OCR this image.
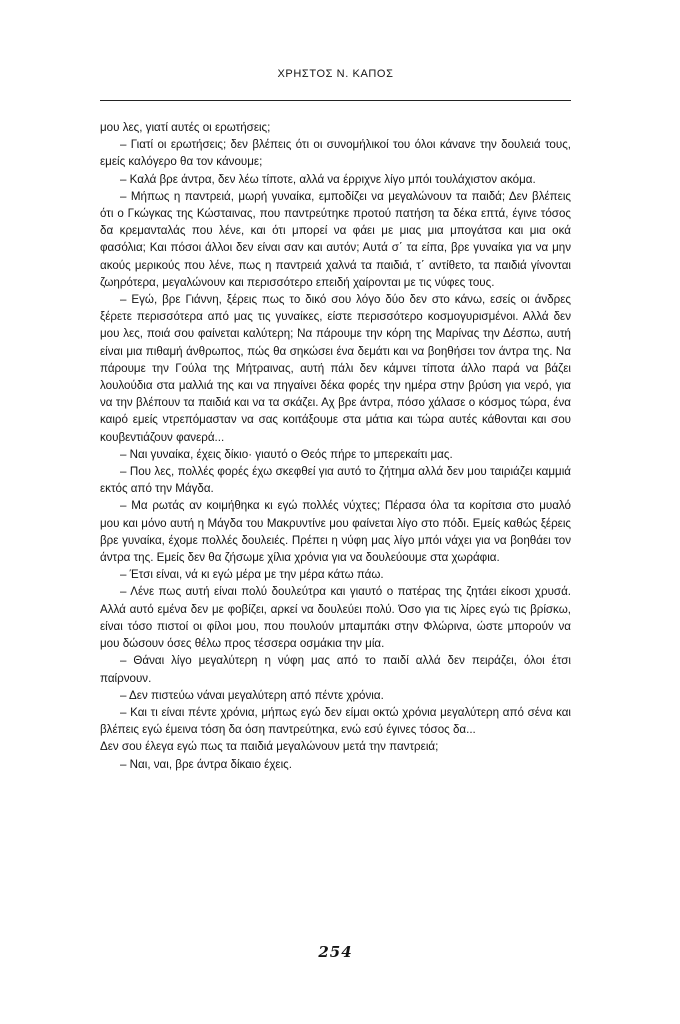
ΧΡΗΣΤΟΣ Ν. ΚΑΠΟΣ

μου λες, γιατί αυτές οι ερωτήσεις;

– Γιατί οι ερωτήσεις; δεν βλέπεις ότι οι συνομήλικοί του όλοι κάνανε την δουλειά τους, εμείς καλόγερο θα τον κάνουμε;

– Καλά βρε άντρα, δεν λέω τίποτε, αλλά να έρριχνε λίγο μπόι τουλάχιστον ακόμα.

– Μήπως η παντρειά, μωρή γυναίκα, εμποδίζει να μεγαλώνουν τα παιδά; Δεν βλέπεις ότι ο Γκώγκας της Κώσταινας, που παντρεύτηκε προτού πατήση τα δέκα επτά, έγινε τόσος δα κρεμανταλάς που λένε, και ότι μπορεί να φάει με μιας μια μπογάτσα και μια οκά φασόλια; Και πόσοι άλλοι δεν είναι σαν και αυτόν; Αυτά σ΄ τα είπα, βρε γυναίκα για να μην ακούς μερικούς που λένε, πως η παντρειά χαλνά τα παιδιά, τ΄ αντίθετο, τα παιδιά γίνονται ζωηρότερα, μεγαλώνουν και περισσότερο επειδή χαίρονται με τις νύφες τους.

– Εγώ, βρε Γιάννη, ξέρεις πως το δικό σου λόγο δύο δεν στο κάνω, εσείς οι άνδρες ξέρετε περισσότερα από μας τις γυναίκες, είστε περισσότερο κοσμογυρισμένοι. Αλλά δεν μου λες, ποιά σου φαίνεται καλύτερη; Να πάρουμε την κόρη της Μαρίνας την Δέσπω, αυτή είναι μια πιθαμή άνθρωπος, πώς θα σηκώσει ένα δεμάτι και να βοηθήσει τον άντρα της. Να πάρουμε την Γούλα της Μήτραινας, αυτή πάλι δεν κάμνει τίποτα άλλο παρά να βάζει λουλούδια στα μαλλιά της και να πηγαίνει δέκα φορές την ημέρα στην βρύση για νερό, για να την βλέπουν τα παιδιά και να τα σκάζει. Αχ βρε άντρα, πόσο χάλασε ο κόσμος τώρα, ένα καιρό εμείς ντρεπόμασταν να σας κοιτάξουμε στα μάτια και τώρα αυτές κάθονται και σου κουβεντιάζουν φανερά...

– Ναι γυναίκα, έχεις δίκιο· γιαυτό ο Θεός πήρε το μπερεκαίτι μας.

– Που λες, πολλές φορές έχω σκεφθεί για αυτό το ζήτημα αλλά δεν μου ταιριάζει καμμιά εκτός από την Μάγδα.

– Μα ρωτάς αν κοιμήθηκα κι εγώ πολλές νύχτες; Πέρασα όλα τα κορίτσια στο μυαλό μου και μόνο αυτή η Μάγδα του Μακρυντίνε μου φαίνεται λίγο στο πόδι. Εμείς καθώς ξέρεις βρε γυναίκα, έχομε πολλές δουλειές. Πρέπει η νύφη μας λίγο μπόι νάχει για να βοηθάει τον άντρα της. Εμείς δεν θα ζήσωμε χίλια χρόνια για να δουλεύουμε στα χωράφια.

– Έτσι είναι, νά κι εγώ μέρα με την μέρα κάτω πάω.

– Λένε πως αυτή είναι πολύ δουλεύτρα και γιαυτό ο πατέρας της ζητάει είκοσι χρυσά. Αλλά αυτό εμένα δεν με φοβίζει, αρκεί να δουλεύει πολύ. Όσο για τις λίρες εγώ τις βρίσκω, είναι τόσο πιστοί οι φίλοι μου, που πουλούν μπαμπάκι στην Φλώρινα, ώστε μπορούν να μου δώσουν όσες θέλω προς τέσσερα οσμάκια την μία.

– Θάναι λίγο μεγαλύτερη η νύφη μας από το παιδί αλλά δεν πειράζει, όλοι έτσι παίρνουν.

– Δεν πιστεύω νάναι μεγαλύτερη από πέντε χρόνια.

– Και τι είναι πέντε χρόνια, μήπως εγώ δεν είμαι οκτώ χρόνια μεγαλύτερη από σένα και βλέπεις εγώ έμεινα τόση δα όση παντρεύτηκα, ενώ εσύ έγινες τόσος δα...

Δεν σου έλεγα εγώ πως τα παιδιά μεγαλώνουν μετά την παντρειά;

– Ναι, ναι, βρε άντρα δίκαιο έχεις.

254
